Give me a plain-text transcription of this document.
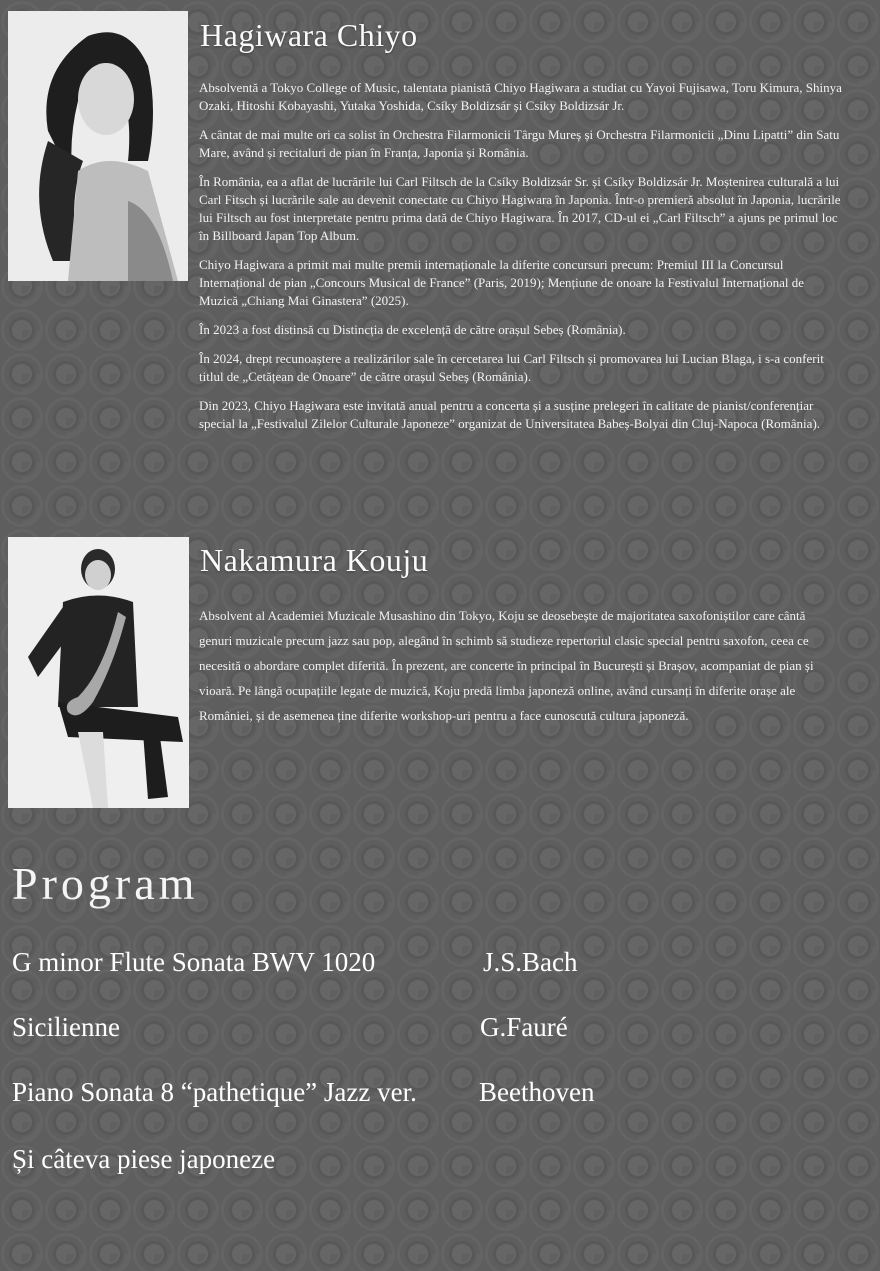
Hagiwara Chiyo

Absolventă a Tokyo College of Music, talentata pianistă Chiyo Hagiwara a studiat cu Yayoi Fujisawa, Toru Kimura, Shinya Ozaki, Hitoshi Kobayashi, Yutaka Yoshida, Csíky Boldizsár și Csíky Boldizsár Jr.

A cântat de mai multe ori ca solist în Orchestra Filarmonicii Târgu Mureș și Orchestra Filarmonicii „Dinu Lipatti” din Satu Mare, având și recitaluri de pian în Franța, Japonia și România.

În România, ea a aflat de lucrările lui Carl Filtsch de la Csíky Boldizsár Sr. și Csíky Boldizsár Jr. Moștenirea culturală a lui Carl Fitsch și lucrările sale au devenit conectate cu Chiyo Hagiwara în Japonia. Într-o premieră absolut în Japonia, lucrările lui Filtsch au fost interpretate pentru prima dată de Chiyo Hagiwara. În 2017, CD-ul ei „Carl Filtsch” a ajuns pe primul loc în Billboard Japan Top Album.

Chiyo Hagiwara a primit mai multe premii internaționale la diferite concursuri precum: Premiul III la Concursul Internațional de pian „Concours Musical de France” (Paris, 2019); Mențiune de onoare la Festivalul Internațional de Muzică „Chiang Mai Ginastera” (2025).

În 2023 a fost distinsă cu Distincția de excelență de către orașul Sebeș (România).

În 2024, drept recunoaștere a realizărilor sale în cercetarea lui Carl Filtsch și promovarea lui Lucian Blaga, i s-a conferit titlul de „Cetățean de Onoare” de către orașul Sebeș (România).

Din 2023, Chiyo Hagiwara este invitată anual pentru a concerta și a susține prelegeri în calitate de pianist/conferențiar special la „Festivalul Zilelor Culturale Japoneze” organizat de Universitatea Babeș-Bolyai din Cluj-Napoca (România).

Nakamura Kouju

Absolvent al Academiei Muzicale Musashino din Tokyo, Koju se deosebește de majoritatea saxofoniștilor care cântă genuri muzicale precum jazz sau pop, alegând în schimb să studieze repertoriul clasic special pentru saxofon, ceea ce necesită o abordare complet diferită. În prezent, are concerte în principal în București și Brașov, acompaniat de pian și vioară. Pe lângă ocupațiile legate de muzică, Koju predă limba japoneză online, având cursanți în diferite orașe ale României, și de asemenea ține diferite workshop-uri pentru a face cunoscută cultura japoneză.

Program
G minor Flute Sonata BWV 1020	J.S.Bach
Sicilienne	G.Fauré
Piano Sonata 8 “pathetique” Jazz ver. Beethoven
Și câteva piese japoneze
